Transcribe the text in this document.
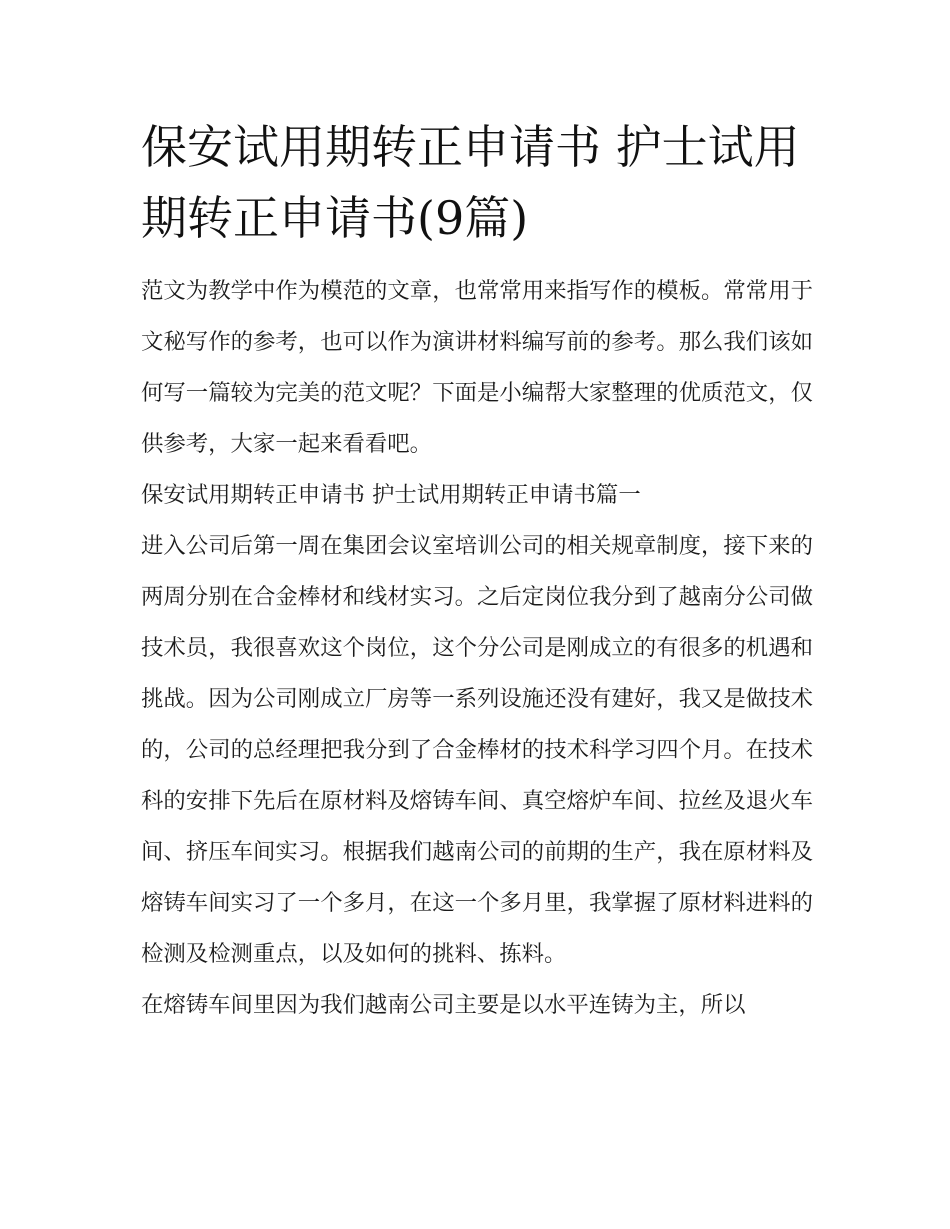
保安试用期转正申请书 护士试用期转正申请书(9篇)

范文为教学中作为模范的文章，也常常用来指写作的模板。常常用于文秘写作的参考，也可以作为演讲材料编写前的参考。那么我们该如何写一篇较为完美的范文呢？下面是小编帮大家整理的优质范文，仅供参考，大家一起来看看吧。

保安试用期转正申请书 护士试用期转正申请书篇一

进入公司后第一周在集团会议室培训公司的相关规章制度，接下来的两周分别在合金棒材和线材实习。之后定岗位我分到了越南分公司做技术员，我很喜欢这个岗位，这个分公司是刚成立的有很多的机遇和挑战。因为公司刚成立厂房等一系列设施还没有建好，我又是做技术的，公司的总经理把我分到了合金棒材的技术科学习四个月。在技术科的安排下先后在原材料及熔铸车间、真空熔炉车间、拉丝及退火车间、挤压车间实习。根据我们越南公司的前期的生产，我在原材料及熔铸车间实习了一个多月，在这一个多月里，我掌握了原材料进料的检测及检测重点，以及如何的挑料、拣料。

在熔铸车间里因为我们越南公司主要是以水平连铸为主，所以
